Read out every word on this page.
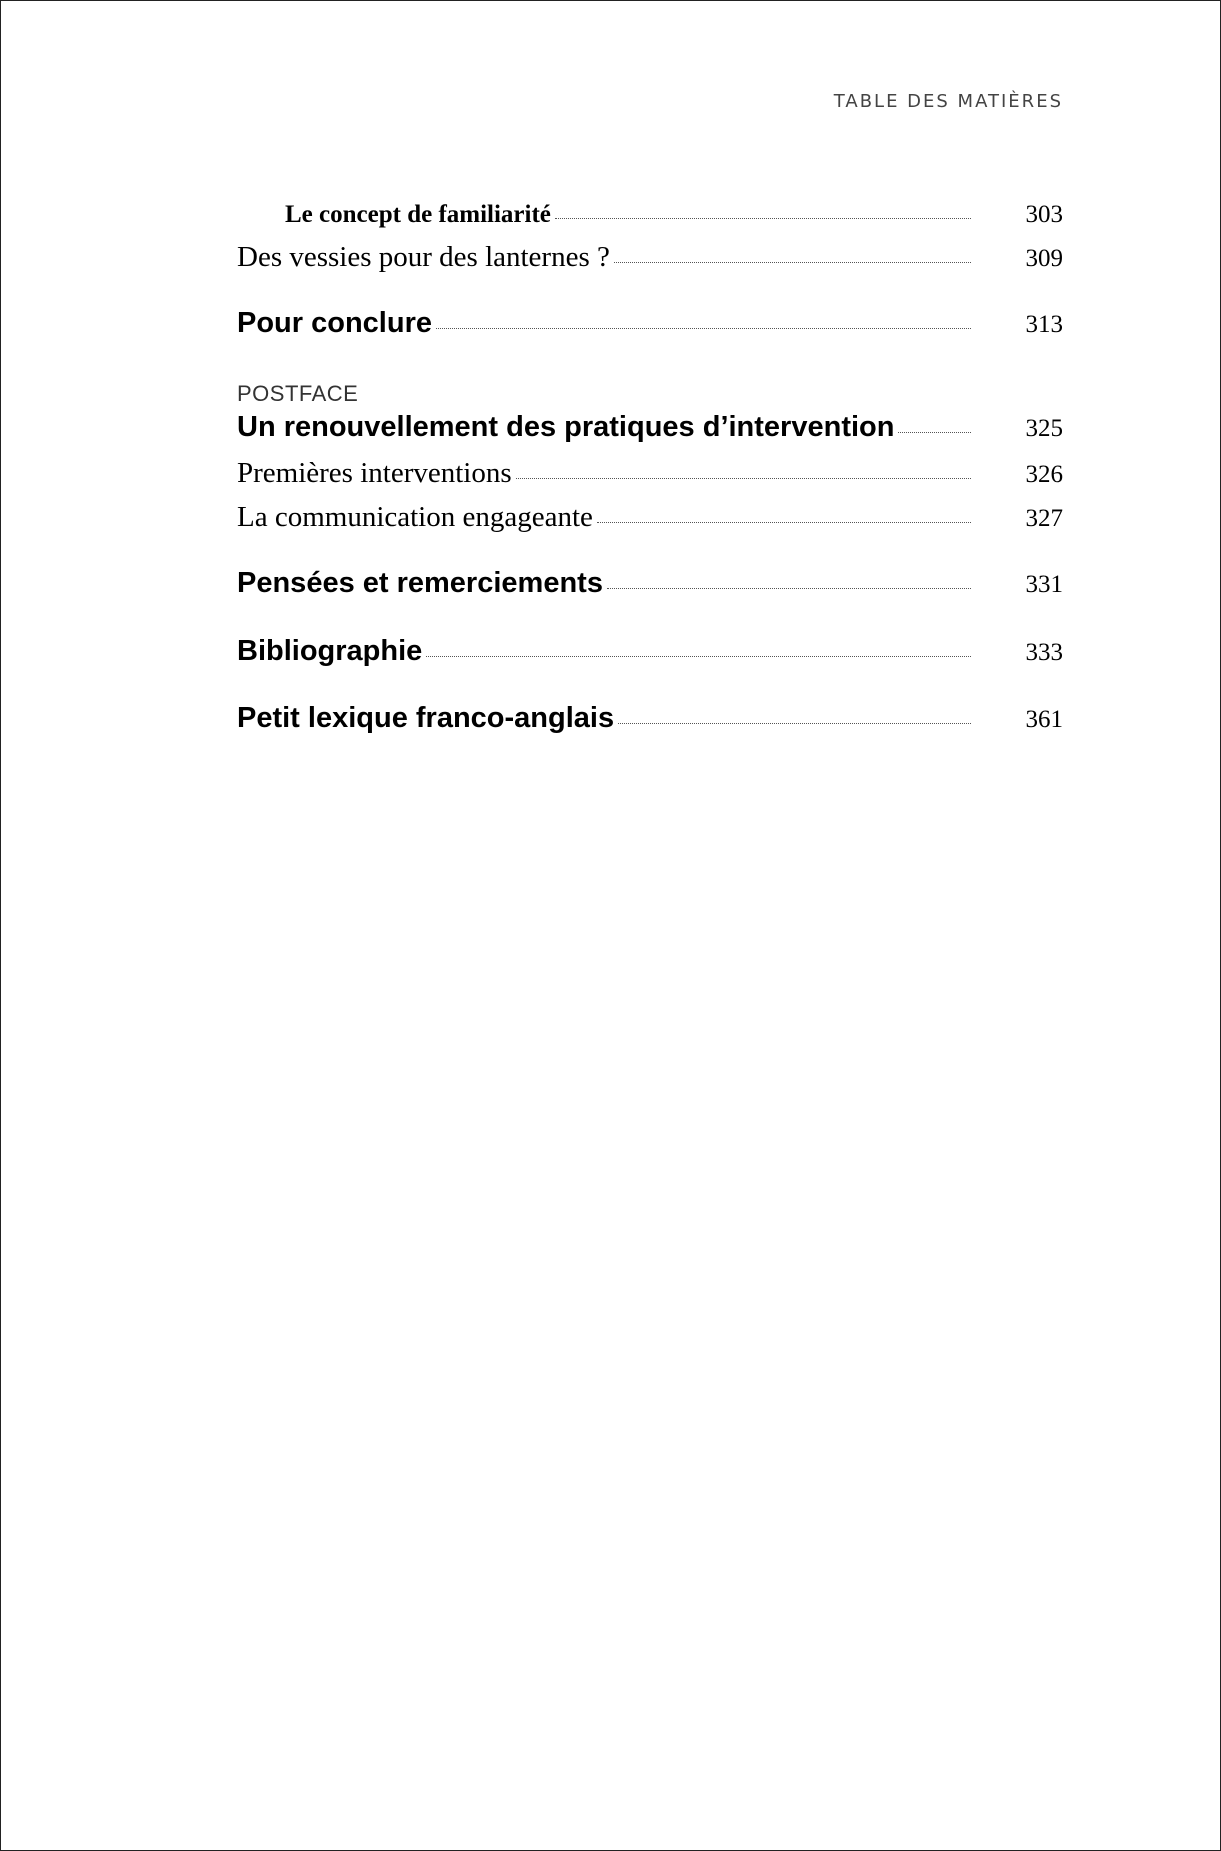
TABLE DES MATIÈRES
Le concept de familiarité	303
Des vessies pour des lanternes ?	309
Pour conclure	313
POSTFACE
Un renouvellement des pratiques d’intervention	325
Premières interventions	326
La communication engageante	327
Pensées et remerciements	331
Bibliographie	333
Petit lexique franco-anglais	361
